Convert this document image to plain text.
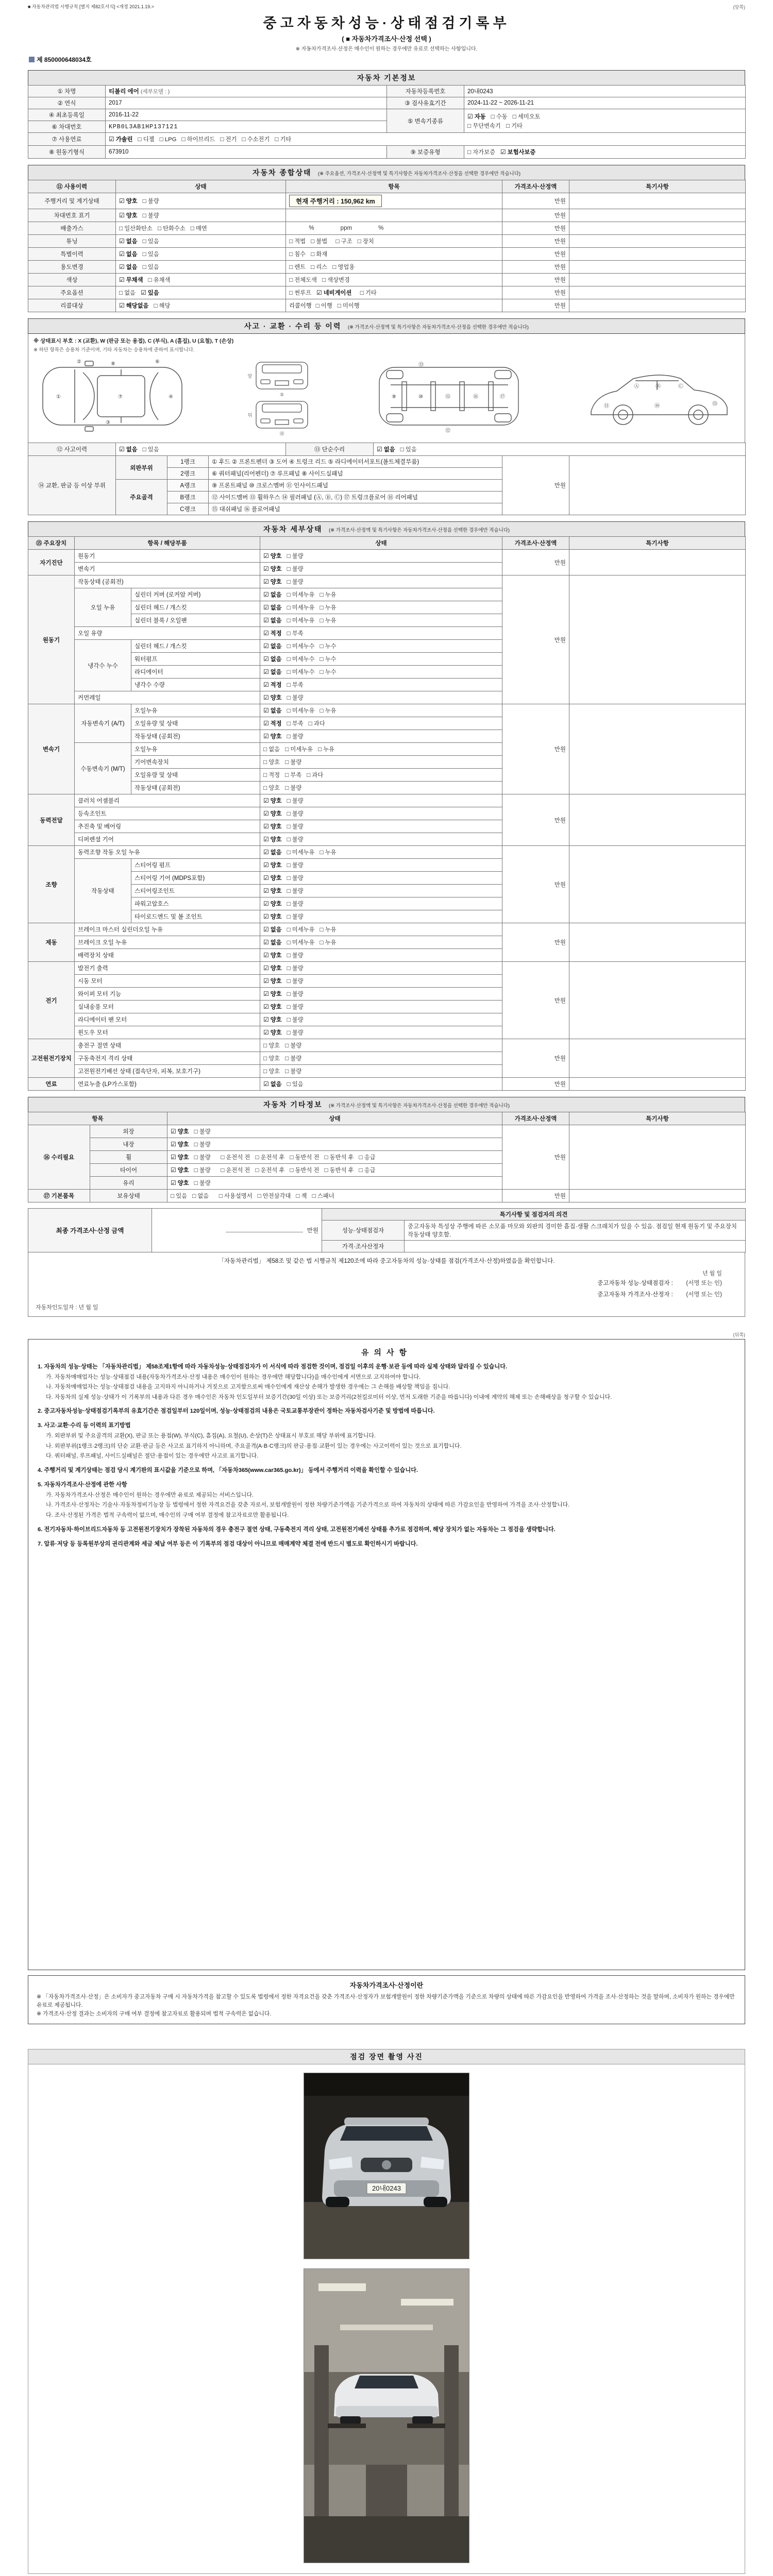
■ 자동차관리법 시행규칙 [별지 제82호서식] <개정 2021.1.19.>	(앞쪽)
중고자동차성능·상태점검기록부
( ■ 자동차가격조사·산정 선택 )
※ 자동차가격조사·산정은 매수인이 원하는 경우에만 유료로 선택하는 사항입니다.
제 850000648034호
자동차 기본정보
① 차명	티볼리 에어 (세부모델 : )	자동차등록번호	20내0243
② 연식	2017	③ 검사유효기간	2024-11-22 ~ 2026-11-21
④ 최초등록일	2016-11-22	⑤ 변속기종류	☑ 자동 □ 수동 □ 세미오토
□ 무단변속기 □ 기타

⑥ 차대번호	KPB0L3AB1HP137121		
⑦ 사용연료	☑ 가솔린 □ 디젤 □ LPG □ 하이브리드 □ 전기 □ 수소전기 □ 기타		
⑧ 원동기형식	673910	⑨ 보증유형	□ 자가보증 ☑ 보험사보증
자동차 종합상태 (※ 주요옵션, 가격조사·산정액 및 특기사항은 자동차가격조사·산정을 선택한 경우에만 적습니다)
⑪ 사용이력	상태	항목	가격조사·산정액	특기사항
주행거리 및 계기상태	☑ 양호 □ 불량	현재 주행거리 : 150,962 km	만원	
차대번호 표기	☑ 양호 □ 불량		만원	
배출가스	□ 일산화탄소 □ 탄화수소 □ 매연	%                ppm                %	만원	
튜닝	☑ 없음 □ 있음	□ 적법 □ 불법 □ 구조 □ 장치	만원	
특별이력	☑ 없음 □ 있음	□ 침수 □ 화재	만원	
용도변경	☑ 없음 □ 있음	□ 렌트 □ 리스 □ 영업용	만원	
색상	☑ 무채색 □ 유채색	□ 전체도색 □ 색상변경	만원	
주요옵션	□ 없음 ☑ 있음	□ 썬루프 ☑ 네비게이션 □ 기타	만원	
리콜대상	☑ 해당없음 □ 해당	리콜이행 □ 이행 □ 미이행	만원	
사고 · 교환 · 수리 등 이력 (※ 가격조사·산정액 및 특기사항은 자동차가격조사·산정을 선택한 경우에만 적습니다)
※ 상태표시 부호 : X (교환), W (판금 또는 용접), C (부식), A (흠집), U (요철), T (손상)
※ 하단 항목은 승용차 기준이며, 기타 자동차는 승용차에 준하여 표시합니다.
①
②
③
④
⑦
⑥
⑧
앞
뒤
⑤
⑱
⑨	⑩	⑮	⑯	⑰
⑬
⑫
Ⓐ	Ⓑ	Ⓒ
⑪	⑭	⑬
⑫ 사고이력	☑ 없음 □ 있음	⑬ 단순수리	☑ 없음 □ 있음
⑭ 교환, 판금 등 이상 부위	외판부위	1랭크	① 후드 ② 프론트펜더 ③ 도어 ④ 트렁크 리드 ⑤ 라디에이터서포트(볼트체결부품)	만원	
		2랭크	⑥ 쿼터패널(리어펜더) ⑦ 루프패널 ⑧ 사이드실패널		
	주요골격	A랭크	⑨ 프론트패널 ⑩ 크로스멤버 ⑪ 인사이드패널		
		B랭크	⑫ 사이드멤버 ⑬ 휠하우스 ⑭ 필러패널 (Ⓐ, Ⓑ, Ⓒ) ⑰ 트렁크플로어 ⑱ 리어패널		
		C랭크	⑮ 대쉬패널 ⑯ 플로어패널		
자동차 세부상태 (※ 가격조사·산정액 및 특기사항은 자동차가격조사·산정을 선택한 경우에만 적습니다)
⑮ 주요장치	항목 / 해당부품		상태	가격조사·산정액	특기사항
자기진단	원동기		☑ 양호 □ 불량	만원	
	변속기		☑ 양호 □ 불량		
원동기	작동상태 (공회전)		☑ 양호 □ 불량	만원	
	오일 누유	실린더 커버 (로커암 커버)	☑ 없음 □ 미세누유 □ 누유		
		실린더 헤드 / 개스킷	☑ 없음 □ 미세누유 □ 누유		
		실린더 블록 / 오일팬	☑ 없음 □ 미세누유 □ 누유		
	오일 유량		☑ 적정 □ 부족		
	냉각수 누수	실린더 헤드 / 개스킷	☑ 없음 □ 미세누수 □ 누수		
		워터펌프	☑ 없음 □ 미세누수 □ 누수		
		라디에이터	☑ 없음 □ 미세누수 □ 누수		
		냉각수 수량	☑ 적정 □ 부족		
	커먼레일		☑ 양호 □ 불량		
변속기	자동변속기 (A/T)	오일누유	☑ 없음 □ 미세누유 □ 누유	만원	
		오일유량 및 상태	☑ 적정 □ 부족 □ 과다		
		작동상태 (공회전)	☑ 양호 □ 불량		
	수동변속기 (M/T)	오일누유	□ 없음 □ 미세누유 □ 누유		
		기어변속장치	□ 양호 □ 불량		
		오일유량 및 상태	□ 적정 □ 부족 □ 과다		
		작동상태 (공회전)	□ 양호 □ 불량		
동력전달	클러치 어셈블리		☑ 양호 □ 불량	만원	
	등속조인트		☑ 양호 □ 불량		
	추진축 및 베어링		☑ 양호 □ 불량		
	디퍼렌셜 기어		☑ 양호 □ 불량		
조향	동력조향 작동 오일 누유		☑ 없음 □ 미세누유 □ 누유	만원	
	작동상태	스티어링 펌프	☑ 양호 □ 불량		
		스티어링 기어 (MDPS포함)	☑ 양호 □ 불량		
		스티어링조인트	☑ 양호 □ 불량		
		파워고압호스	☑ 양호 □ 불량		
		타이로드엔드 및 볼 조인트	☑ 양호 □ 불량		
제동	브레이크 마스터 실린더오일 누유		☑ 없음 □ 미세누유 □ 누유	만원	
	브레이크 오일 누유		☑ 없음 □ 미세누유 □ 누유		
	배력장치 상태		☑ 양호 □ 불량		
전기	발전기 출력		☑ 양호 □ 불량	만원	
	시동 모터		☑ 양호 □ 불량		
	와이퍼 모터 기능		☑ 양호 □ 불량		
	실내송풍 모터		☑ 양호 □ 불량		
	라디에이터 팬 모터		☑ 양호 □ 불량		
	윈도우 모터		☑ 양호 □ 불량		
고전원전기장치	충전구 절연 상태		□ 양호 □ 불량	만원	
	구동축전지 격리 상태		□ 양호 □ 불량		
	고전원전기배선 상태 (접속단자, 피복, 보호기구)		□ 양호 □ 불량		
연료	연료누출 (LP가스포함)		☑ 없음 □ 있음	만원	
자동차 기타정보 (※ 가격조사·산정액 및 특기사항은 자동차가격조사·산정을 선택한 경우에만 적습니다)
항목		상태	가격조사·산정액	특기사항
⑯ 수리필요	외장	☑ 양호 □ 불량	만원	
	내장	☑ 양호 □ 불량		
	휠	☑ 양호 □ 불량 □ 운전석 전 □ 운전석 후 □ 동반석 전 □ 동반석 후 □ 응급		
	타이어	☑ 양호 □ 불량 □ 운전석 전 □ 운전석 후 □ 동반석 전 □ 동반석 후 □ 응급		
	유리	☑ 양호 □ 불량		
⑰ 기본품목	보유상태	□ 있음 □ 없음 □ 사용설명서 □ 안전삼각대 □ 잭 □ 스패너	만원	
최종 가격조사·산정 금액	만원	특기사항 및 점검자의 의견	
		성능·상태점검자	중고자동차 특성상 주행에 따른 소모품 마모와 외판의 경미한 흠집·생활 스크래치가 있을 수 있음. 점검일 현재 원동기 및 주요장치 작동상태 양호함.
		가격·조사산정자	

「자동차관리법」 제58조 및 같은 법 시행규칙 제120조에 따라 중고자동차의 성능·상태를 점검(가격조사·산정)하였음을 확인합니다.

년 월 일

중고자동차 성능·상태점검자 :        (서명 또는 인)
중고자동차 가격조사·산정자 :        (서명 또는 인)
자동차인도일자 : 년 월 일
(뒤쪽)
유의사항

1. 자동차의 성능·상태는 「자동차관리법」 제58조제1항에 따라 자동차성능·상태점검자가 이 서식에 따라 점검한 것이며, 점검일 이후의 운행·보관 등에 따라 실제 상태와 달라질 수 있습니다.

가. 자동차매매업자는 성능·상태점검 내용(자동차가격조사·산정 내용은 매수인이 원하는 경우에만 해당합니다)을 매수인에게 서면으로 고지하여야 합니다.

나. 자동차매매업자는 성능·상태점검 내용을 고지하지 아니하거나 거짓으로 고지함으로써 매수인에게 재산상 손해가 발생한 경우에는 그 손해를 배상할 책임을 집니다.

다. 자동차의 실제 성능·상태가 이 기록부의 내용과 다른 경우 매수인은 자동차 인도일부터 보증기간(30일 이상) 또는 보증거리(2천킬로미터 이상, 먼저 도래한 기준을 따릅니다) 이내에 계약의 해제 또는 손해배상을 청구할 수 있습니다.

2. 중고자동차성능·상태점검기록부의 유효기간은 점검일부터 120일이며, 성능·상태점검의 내용은 국토교통부장관이 정하는 자동차검사기준 및 방법에 따릅니다.

3. 사고·교환·수리 등 이력의 표기방법

가. 외판부위 및 주요골격의 교환(X), 판금 또는 용접(W), 부식(C), 흠집(A), 요철(U), 손상(T)은 상태표시 부호로 해당 부위에 표기합니다.

나. 외판부위(1랭크·2랭크)의 단순 교환·판금 등은 사고로 표기하지 아니하며, 주요골격(A·B·C랭크)의 판금·용접·교환이 있는 경우에는 사고이력이 있는 것으로 표기합니다.

다. 쿼터패널, 루프패널, 사이드실패널은 절단·용접이 있는 경우에만 사고로 표기합니다.

4. 주행거리 및 계기상태는 점검 당시 계기판의 표시값을 기준으로 하며, 「자동차365(www.car365.go.kr)」 등에서 주행거리 이력을 확인할 수 있습니다.

5. 자동차가격조사·산정에 관한 사항

가. 자동차가격조사·산정은 매수인이 원하는 경우에만 유료로 제공되는 서비스입니다.

나. 가격조사·산정자는 기술사·자동차정비기능장 등 법령에서 정한 자격요건을 갖춘 자로서, 보험개발원이 정한 차량기준가액을 기준가격으로 하여 자동차의 상태에 따른 가감요인을 반영하여 가격을 조사·산정합니다.

다. 조사·산정된 가격은 법적 구속력이 없으며, 매수인의 구매 여부 결정에 참고자료로만 활용됩니다.

6. 전기자동차·하이브리드자동차 등 고전원전기장치가 장착된 자동차의 경우 충전구 절연 상태, 구동축전지 격리 상태, 고전원전기배선 상태를 추가로 점검하며, 해당 장치가 없는 자동차는 그 점검을 생략합니다.

7. 압류·저당 등 등록원부상의 권리관계와 세금 체납 여부 등은 이 기록부의 점검 대상이 아니므로 매매계약 체결 전에 반드시 별도로 확인하시기 바랍니다.

자동차가격조사·산정이란

※ 「자동차가격조사·산정」은 소비자가 중고자동차 구매 시 자동차가격을 참고할 수 있도록 법령에서 정한 자격요건을 갖춘 가격조사·산정자가 보험개발원이 정한 차량기준가액을 기준으로 차량의 상태에 따른 가감요인을 반영하여 가격을 조사·산정하는 것을 말하며, 소비자가 원하는 경우에만 유료로 제공됩니다.

※ 가격조사·산정 결과는 소비자의 구매 여부 결정에 참고자료로 활용되며 법적 구속력은 없습니다.

점검 장면 촬영 사진
20내0243
